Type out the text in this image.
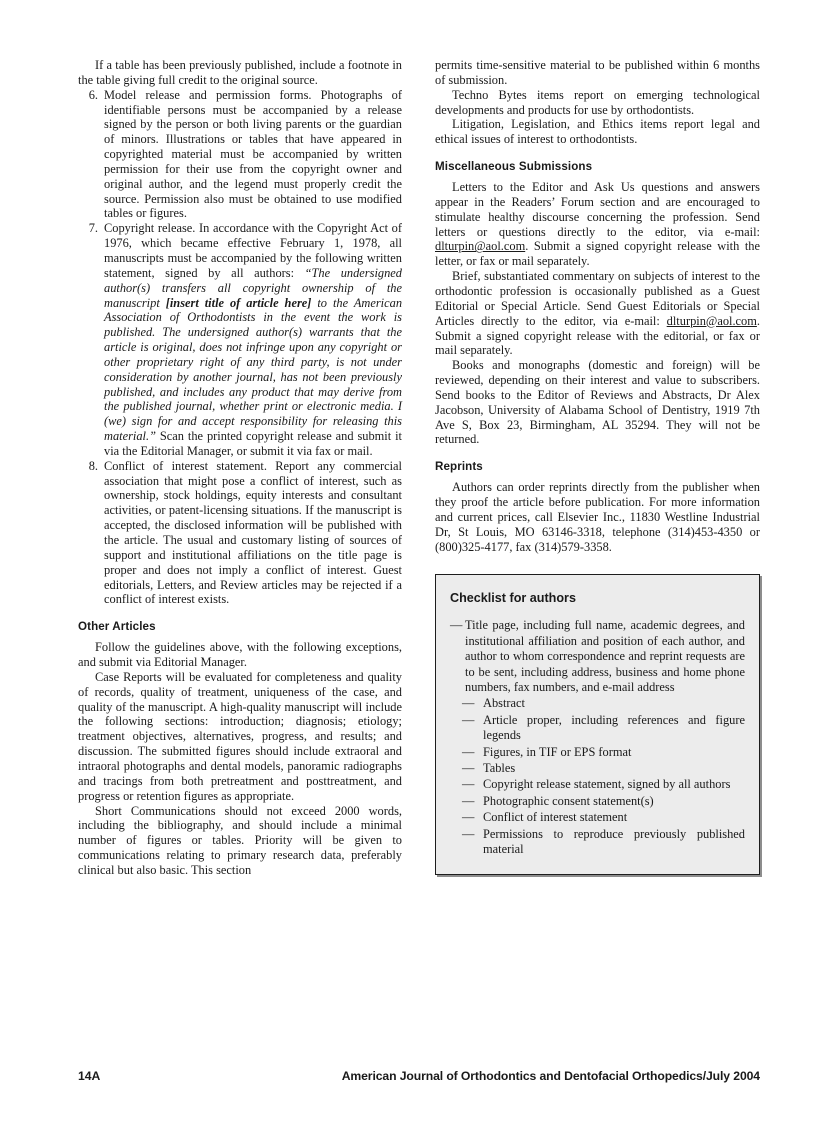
If a table has been previously published, include a footnote in the table giving full credit to the original source.

6. Model release and permission forms. Photographs of identifiable persons must be accompanied by a release signed by the person or both living parents or the guardian of minors. Illustrations or tables that have appeared in copyrighted material must be accompanied by written permission for their use from the copyright owner and original author, and the legend must properly credit the source. Permission also must be obtained to use modified tables or figures.
7. Copyright release. In accordance with the Copyright Act of 1976, which became effective February 1, 1978, all manuscripts must be accompanied by the following written statement, signed by all authors: “The undersigned author(s) transfers all copyright ownership of the manuscript [insert title of article here] to the American Association of Orthodontists in the event the work is published. The undersigned author(s) warrants that the article is original, does not infringe upon any copyright or other proprietary right of any third party, is not under consideration by another journal, has not been previously published, and includes any product that may derive from the published journal, whether print or electronic media. I (we) sign for and accept responsibility for releasing this material.” Scan the printed copyright release and submit it via the Editorial Manager, or submit it via fax or mail.
8. Conflict of interest statement. Report any commercial association that might pose a conflict of interest, such as ownership, stock holdings, equity interests and consultant activities, or patent-licensing situations. If the manuscript is accepted, the disclosed information will be published with the article. The usual and customary listing of sources of support and institutional affiliations on the title page is proper and does not imply a conflict of interest. Guest editorials, Letters, and Review articles may be rejected if a conflict of interest exists.

Other Articles

Follow the guidelines above, with the following exceptions, and submit via Editorial Manager.

Case Reports will be evaluated for completeness and quality of records, quality of treatment, uniqueness of the case, and quality of the manuscript. A high-quality manuscript will include the following sections: introduction; diagnosis; etiology; treatment objectives, alternatives, progress, and results; and discussion. The submitted figures should include extraoral and intraoral photographs and dental models, panoramic radiographs and tracings from both pretreatment and posttreatment, and progress or retention figures as appropriate.

Short Communications should not exceed 2000 words, including the bibliography, and should include a minimal number of figures or tables. Priority will be given to communications relating to primary research data, preferably clinical but also basic. This section

permits time-sensitive material to be published within 6 months of submission.

Techno Bytes items report on emerging technological developments and products for use by orthodontists.

Litigation, Legislation, and Ethics items report legal and ethical issues of interest to orthodontists.

Miscellaneous Submissions

Letters to the Editor and Ask Us questions and answers appear in the Readers’ Forum section and are encouraged to stimulate healthy discourse concerning the profession. Send letters or questions directly to the editor, via e-mail: dlturpin@aol.com. Submit a signed copyright release with the letter, or fax or mail separately.

Brief, substantiated commentary on subjects of interest to the orthodontic profession is occasionally published as a Guest Editorial or Special Article. Send Guest Editorials or Special Articles directly to the editor, via e-mail: dlturpin@aol.com. Submit a signed copyright release with the editorial, or fax or mail separately.

Books and monographs (domestic and foreign) will be reviewed, depending on their interest and value to subscribers. Send books to the Editor of Reviews and Abstracts, Dr Alex Jacobson, University of Alabama School of Dentistry, 1919 7th Ave S, Box 23, Birmingham, AL 35294. They will not be returned.

Reprints

Authors can order reprints directly from the publisher when they proof the article before publication. For more information and current prices, call Elsevier Inc., 11830 Westline Industrial Dr, St Louis, MO 63146-3318, telephone (314)453-4350 or (800)325-4177, fax (314)579-3358.

Checklist for authors

— Title page, including full name, academic degrees, and institutional affiliation and position of each author, and author to whom correspondence and reprint requests are to be sent, including address, business and home phone numbers, fax numbers, and e-mail address
— Abstract
— Article proper, including references and figure legends
— Figures, in TIF or EPS format
— Tables
— Copyright release statement, signed by all authors
— Photographic consent statement(s)
— Conflict of interest statement
— Permissions to reproduce previously published material
14A	American Journal of Orthodontics and Dentofacial Orthopedics/July 2004
